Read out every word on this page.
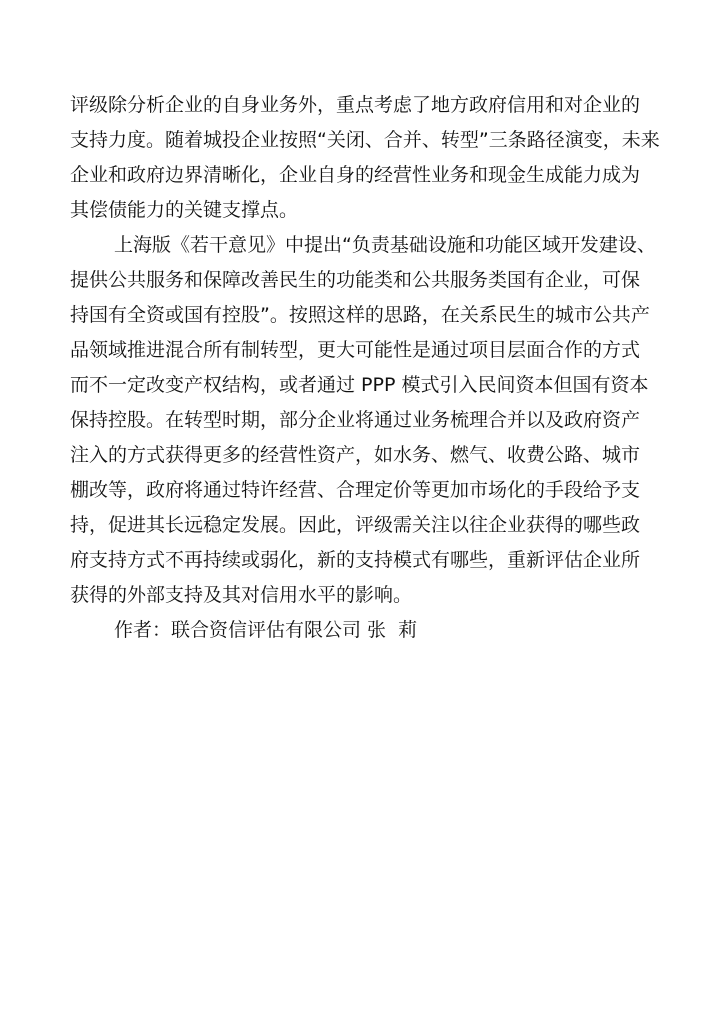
评级除分析企业的自身业务外，重点考虑了地方政府信用和对企业的
支持力度。随着城投企业按照“关闭、合并、转型”三条路径演变，未来
企业和政府边界清晰化，企业自身的经营性业务和现金生成能力成为
其偿债能力的关键支撑点。
上海版《若干意见》中提出“负责基础设施和功能区域开发建设、
提供公共服务和保障改善民生的功能类和公共服务类国有企业，可保
持国有全资或国有控股”。按照这样的思路，在关系民生的城市公共产
品领域推进混合所有制转型，更大可能性是通过项目层面合作的方式
而不一定改变产权结构，或者通过 PPP 模式引入民间资本但国有资本
保持控股。在转型时期，部分企业将通过业务梳理合并以及政府资产
注入的方式获得更多的经营性资产，如水务、燃气、收费公路、城市
棚改等，政府将通过特许经营、合理定价等更加市场化的手段给予支
持，促进其长远稳定发展。因此，评级需关注以往企业获得的哪些政
府支持方式不再持续或弱化，新的支持模式有哪些，重新评估企业所
获得的外部支持及其对信用水平的影响。
作者：联合资信评估有限公司 张  莉
